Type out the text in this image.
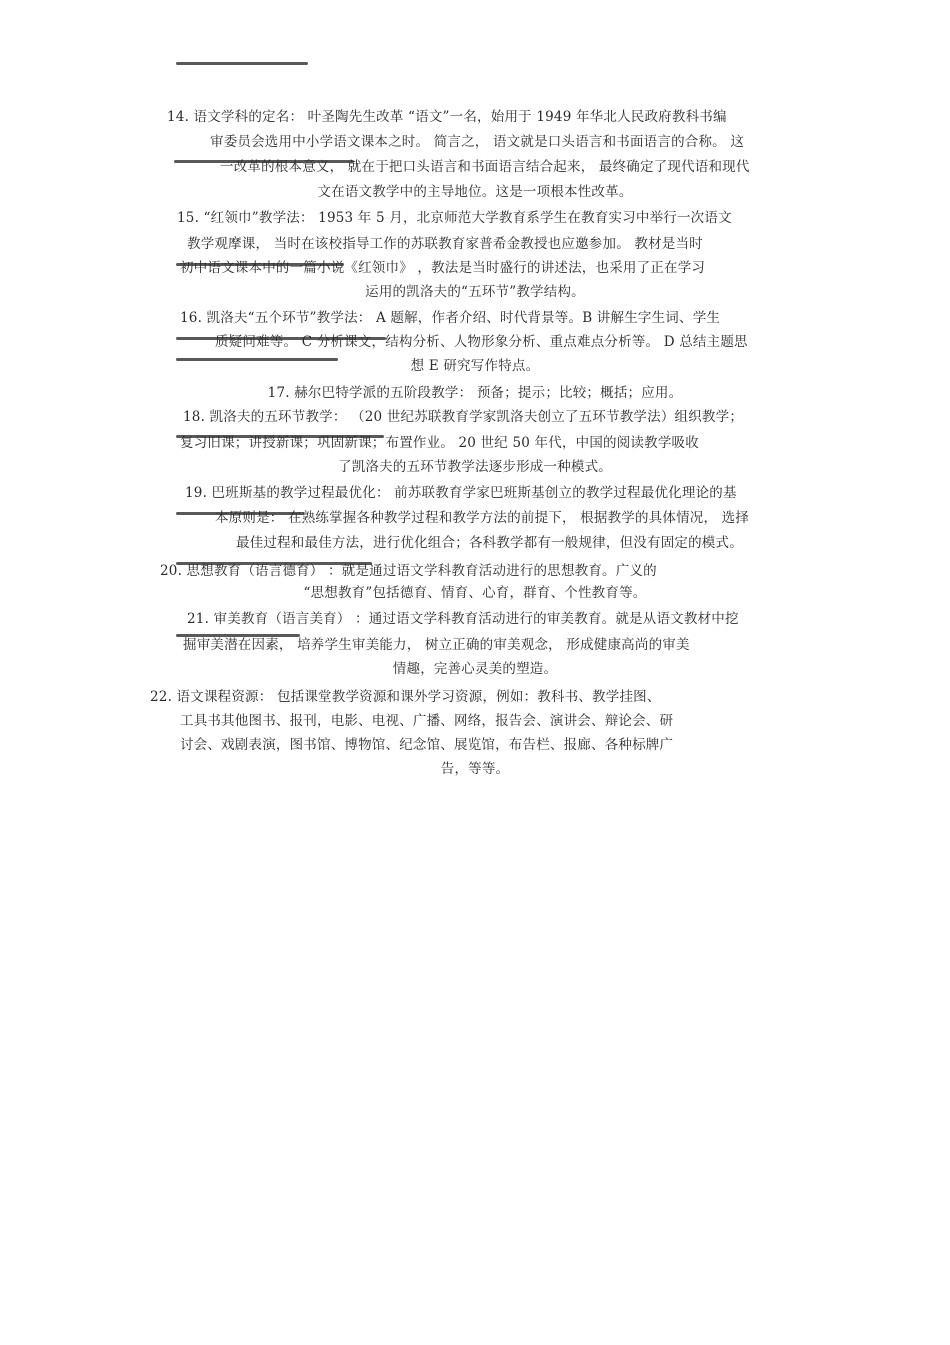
14. 语文学科的定名： 叶圣陶先生改革 “语文”一名，始用于 1949 年华北人民政府教科书编
审委员会选用中小学语文课本之时。 简言之， 语文就是口头语言和书面语言的合称。 这
一改革的根本意义， 就在于把口头语言和书面语言结合起来， 最终确定了现代语和现代
文在语文教学中的主导地位。这是一项根本性改革。
15. “红领巾”教学法： 1953 年 5 月，北京师范大学教育系学生在教育实习中举行一次语文
教学观摩课， 当时在该校指导工作的苏联教育家普希金教授也应邀参加。 教材是当时
初中语文课本中的一篇小说《红领巾》 ，教法是当时盛行的讲述法，也采用了正在学习
运用的凯洛夫的“五环节”教学结构。
16. 凯洛夫“五个环节”教学法： A 题解，作者介绍、时代背景等。B 讲解生字生词、学生
质疑问难等。 C 分析课文，结构分析、人物形象分析、重点难点分析等。 D 总结主题思
想 E 研究写作特点。
17. 赫尔巴特学派的五阶段教学： 预备；提示；比较；概括；应用。
18. 凯洛夫的五环节教学： （20 世纪苏联教育学家凯洛夫创立了五环节教学法）组织教学；
复习旧课；讲授新课；巩固新课；布置作业。 20 世纪 50 年代，中国的阅读教学吸收
了凯洛夫的五环节教学法逐步形成一种模式。
19. 巴班斯基的教学过程最优化： 前苏联教育学家巴班斯基创立的教学过程最优化理论的基
本原则是： 在熟练掌握各种教学过程和教学方法的前提下， 根据教学的具体情况， 选择
最佳过程和最佳方法，进行优化组合；各科教学都有一般规律，但没有固定的模式。
20. 思想教育（语言德育） ：就是通过语文学科教育活动进行的思想教育。广义的
“思想教育”包括德育、情育、心育，群育、个性教育等。
21. 审美教育（语言美育） ：通过语文学科教育活动进行的审美教育。就是从语文教材中挖
掘审美潜在因素， 培养学生审美能力， 树立正确的审美观念， 形成健康高尚的审美
情趣，完善心灵美的塑造。
22. 语文课程资源： 包括课堂教学资源和课外学习资源，例如：教科书、教学挂图、
工具书其他图书、报刊，电影、电视、广播、网络，报告会、演讲会、辩论会、研
讨会、戏剧表演，图书馆、博物馆、纪念馆、展览馆，布告栏、报廊、各种标牌广
告，等等。
